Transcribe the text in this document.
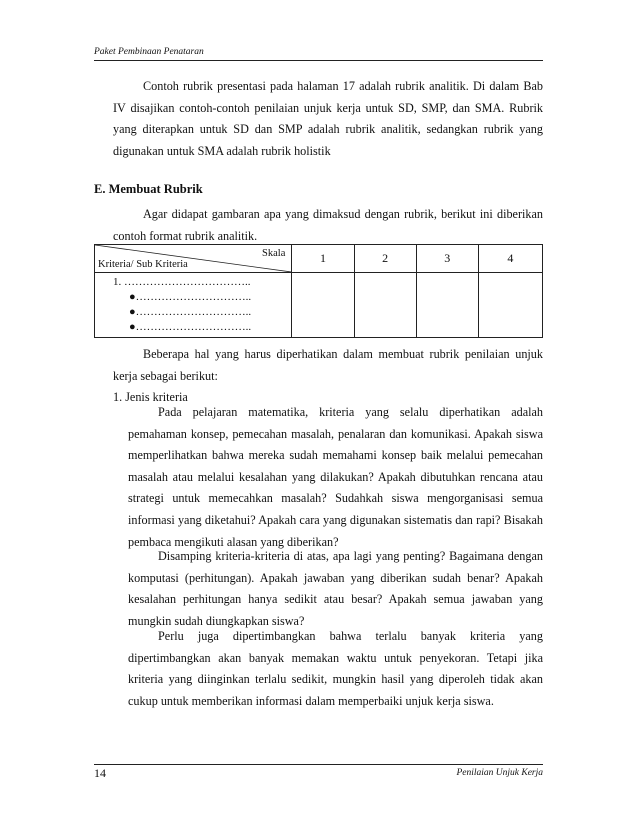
Paket Pembinaan Penataran
Contoh rubrik presentasi pada halaman 17 adalah rubrik analitik. Di dalam Bab IV disajikan contoh-contoh penilaian unjuk kerja untuk SD, SMP, dan SMA. Rubrik yang diterapkan untuk SD dan SMP adalah rubrik analitik, sedangkan rubrik yang digunakan untuk SMA adalah rubrik holistik
E. Membuat Rubrik
Agar didapat gambaran apa yang dimaksud dengan rubrik, berikut ini diberikan contoh format rubrik analitik.
Skala
Kriteria/ Sub Kriteria	1	2	3	4

1. ……………………………..
●…………………………..
●…………………………..
●…………………………..				

Beberapa hal yang harus diperhatikan dalam membuat rubrik penilaian unjuk kerja sebagai berikut:
1. Jenis kriteria
Pada pelajaran matematika, kriteria yang selalu diperhatikan adalah pemahaman konsep, pemecahan masalah, penalaran dan komunikasi. Apakah siswa memperlihatkan bahwa mereka sudah memahami konsep baik melalui pemecahan masalah atau melalui kesalahan yang dilakukan? Apakah dibutuhkan rencana atau strategi untuk memecahkan masalah? Sudahkah siswa mengorganisasi semua informasi yang diketahui? Apakah cara yang digunakan sistematis dan rapi? Bisakah pembaca mengikuti alasan yang diberikan?
Disamping kriteria-kriteria di atas, apa lagi yang penting? Bagaimana dengan komputasi (perhitungan). Apakah jawaban yang diberikan sudah benar? Apakah kesalahan perhitungan hanya sedikit atau besar? Apakah semua jawaban yang mungkin sudah diungkapkan siswa?
Perlu juga dipertimbangkan bahwa terlalu banyak kriteria yang dipertimbangkan akan banyak memakan waktu untuk penyekoran. Tetapi jika kriteria yang diinginkan terlalu sedikit, mungkin hasil yang diperoleh tidak akan cukup untuk memberikan informasi dalam memperbaiki unjuk kerja siswa.
14	Penilaian Unjuk Kerja
